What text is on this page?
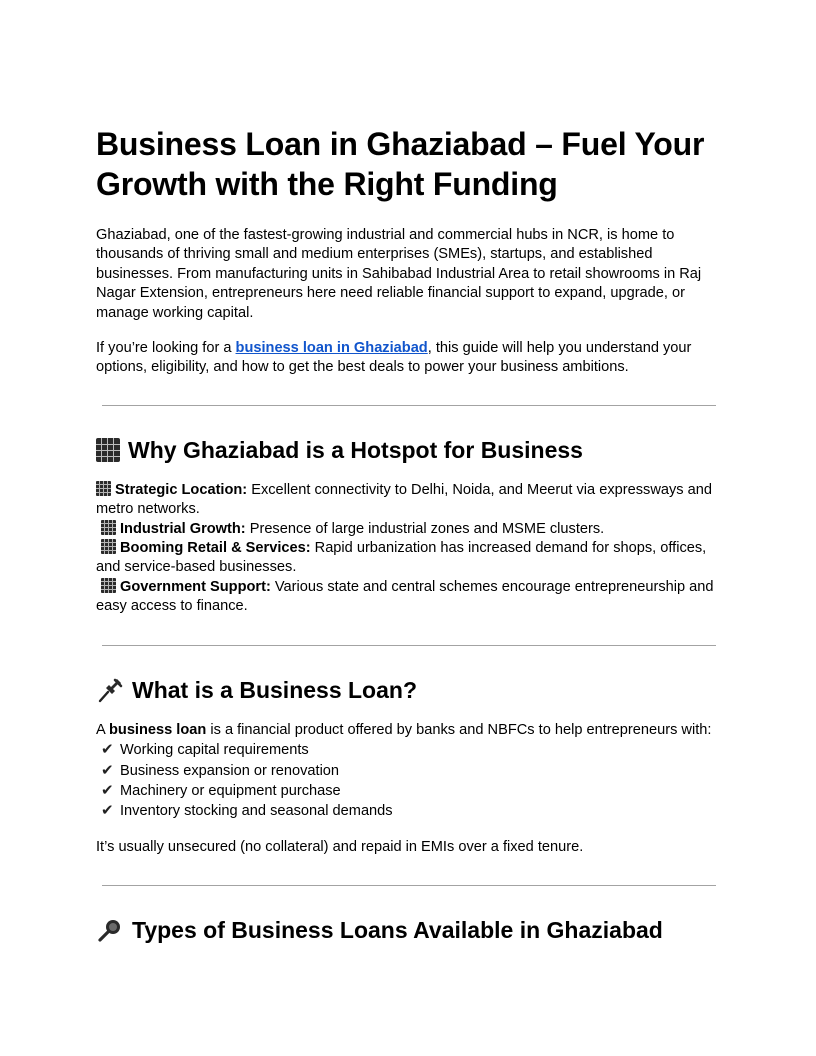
Business Loan in Ghaziabad – Fuel Your Growth with the Right Funding

Ghaziabad, one of the fastest-growing industrial and commercial hubs in NCR, is home to thousands of thriving small and medium enterprises (SMEs), startups, and established businesses. From manufacturing units in Sahibabad Industrial Area to retail showrooms in Raj Nagar Extension, entrepreneurs here need reliable financial support to expand, upgrade, or manage working capital.

If you’re looking for a business loan in Ghaziabad, this guide will help you understand your options, eligibility, and how to get the best deals to power your business ambitions.

Why Ghaziabad is a Hotspot for Business
Strategic Location: Excellent connectivity to Delhi, Noida, and Meerut via expressways and metro networks.
Industrial Growth: Presence of large industrial zones and MSME clusters.
Booming Retail & Services: Rapid urbanization has increased demand for shops, offices, and service-based businesses.
Government Support: Various state and central schemes encourage entrepreneurship and easy access to finance.
What is a Business Loan?

A business loan is a financial product offered by banks and NBFCs to help entrepreneurs with:

✔ Working capital requirements
✔ Business expansion or renovation
✔ Machinery or equipment purchase
✔ Inventory stocking and seasonal demands

It’s usually unsecured (no collateral) and repaid in EMIs over a fixed tenure.

Types of Business Loans Available in Ghaziabad
